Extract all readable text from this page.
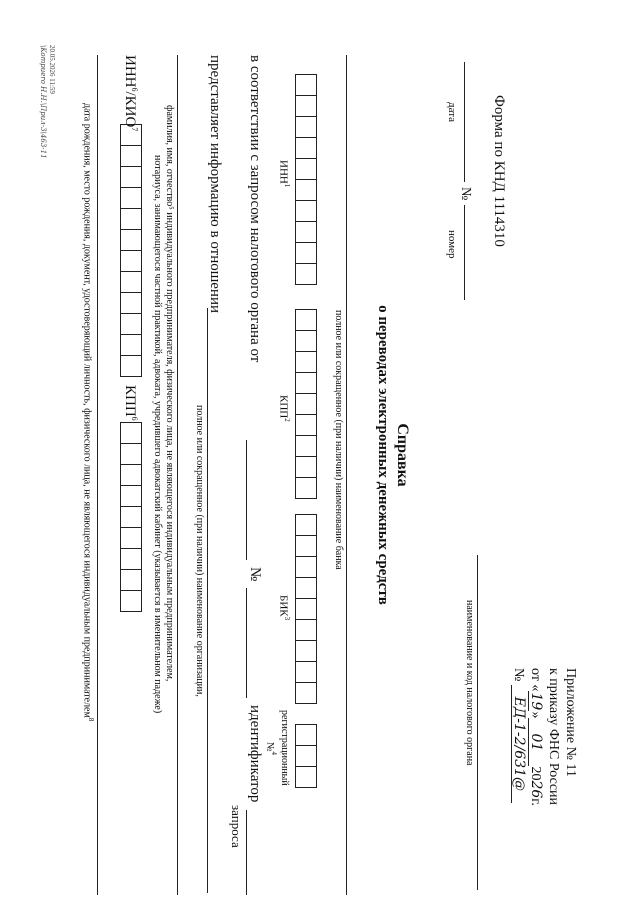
Приложение № 11
к приказу ФНС России
от «19»012026г.
№ ЕД-1-2/631@
наименование и код налогового органа
Форма по КНД 1114310
№
дата
номер
Справка
о переводах электронных денежных средств
полное или сокращенное (при наличии) наименование банка
ИНН$^1$
КПП$^2$
БИК$^3$
регистрационный
№$^4$
в соответствии с запросом налогового органа от
№
идентификатор
запроса
представляет информацию в отношении
полное или сокращенное (при наличии) наименование организации,
фамилия, имя, отчество⁵ индивидуального предпринимателя, физического лица, не являющегося индивидуальным предпринимателем,
нотариуса, занимающегося частной практикой, адвоката, учредившего адвокатский кабинет (указывается в именительном падеже)
ИНН$^6$/КИО$^7$
КПП$^6$
дата рождения, место рождения, документ, удостоверяющий личность, физического лица, не являющегося индивидуальным предпринимателем$^8$
20.05.2026 11:59
\Kompuero Н.Н.\Прил-3\463-11
